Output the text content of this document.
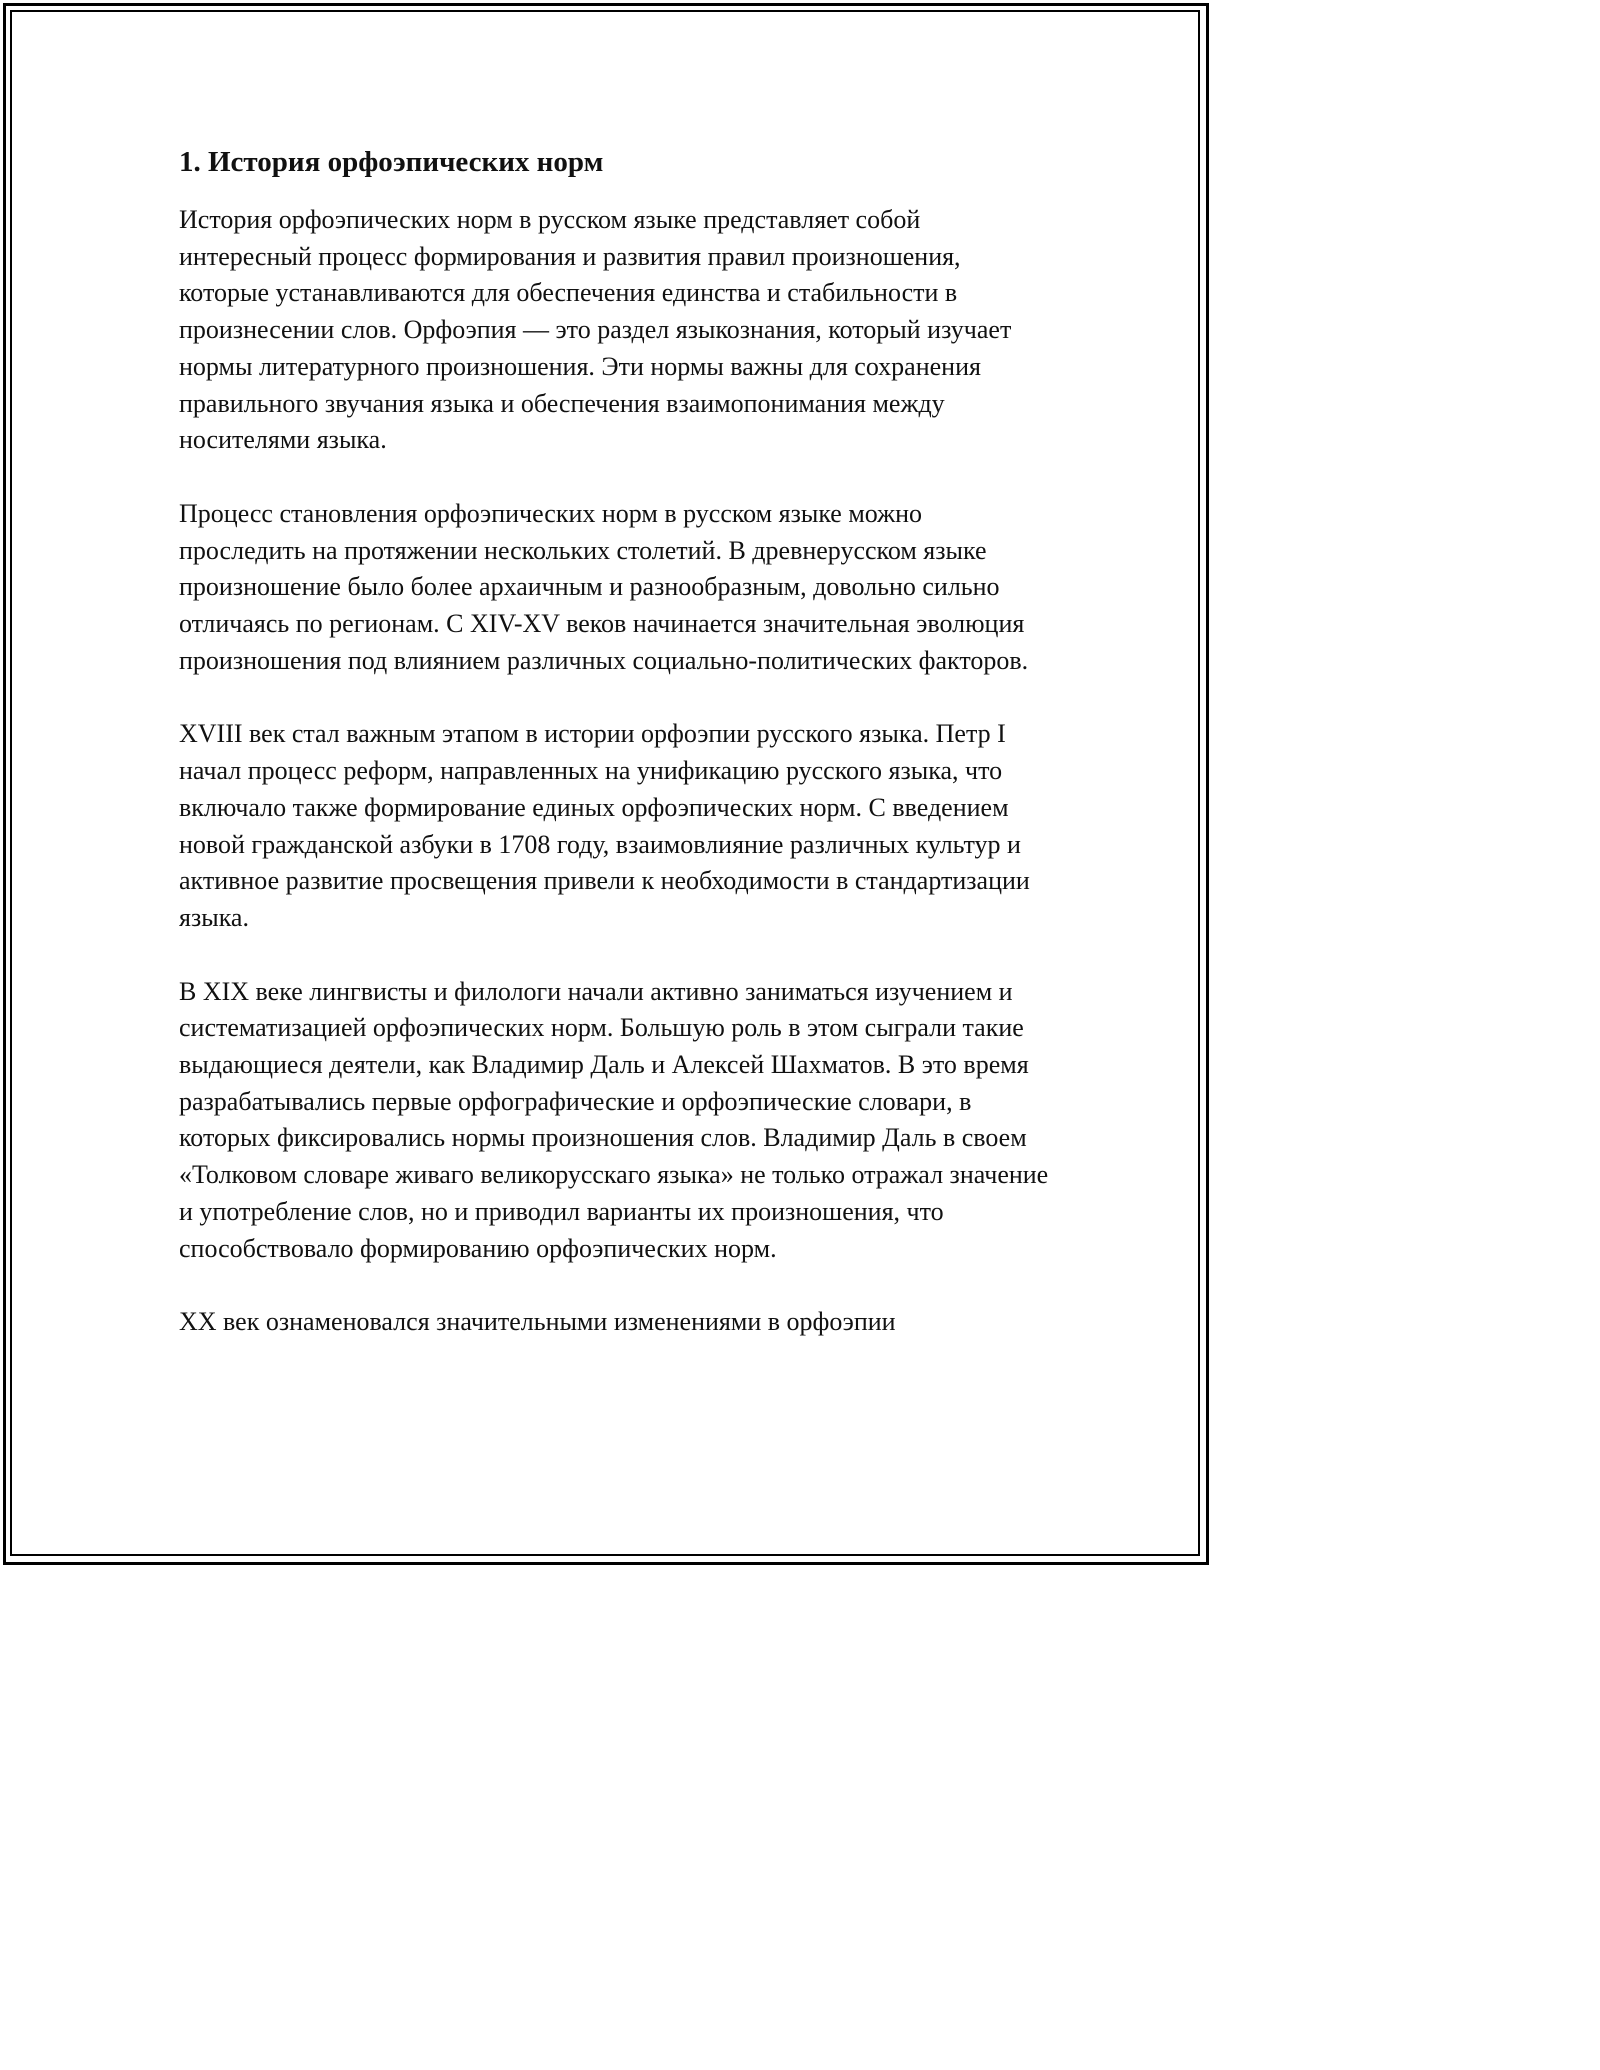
1. История орфоэпических норм

История орфоэпических норм в русском языке представляет собой интересный процесс формирования и развития правил произношения, которые устанавливаются для обеспечения единства и стабильности в произнесении слов. Орфоэпия — это раздел языкознания, который изучает нормы литературного произношения. Эти нормы важны для сохранения правильного звучания языка и обеспечения взаимопонимания между носителями языка.

Процесс становления орфоэпических норм в русском языке можно проследить на протяжении нескольких столетий. В древнерусском языке произношение было более архаичным и разнообразным, довольно сильно отличаясь по регионам. С XIV-XV веков начинается значительная эволюция произношения под влиянием различных социально-политических факторов.

XVIII век стал важным этапом в истории орфоэпии русского языка. Петр I начал процесс реформ, направленных на унификацию русского языка, что включало также формирование единых орфоэпических норм. С введением новой гражданской азбуки в 1708 году, взаимовлияние различных культур и активное развитие просвещения привели к необходимости в стандартизации языка.

В XIX веке лингвисты и филологи начали активно заниматься изучением и систематизацией орфоэпических норм. Большую роль в этом сыграли такие выдающиеся деятели, как Владимир Даль и Алексей Шахматов. В это время разрабатывались первые орфографические и орфоэпические словари, в которых фиксировались нормы произношения слов. Владимир Даль в своем «Толковом словаре живаго великорусскаго языка» не только отражал значение и употребление слов, но и приводил варианты их произношения, что способствовало формированию орфоэпических норм.

XX век ознаменовался значительными изменениями в орфоэпии
